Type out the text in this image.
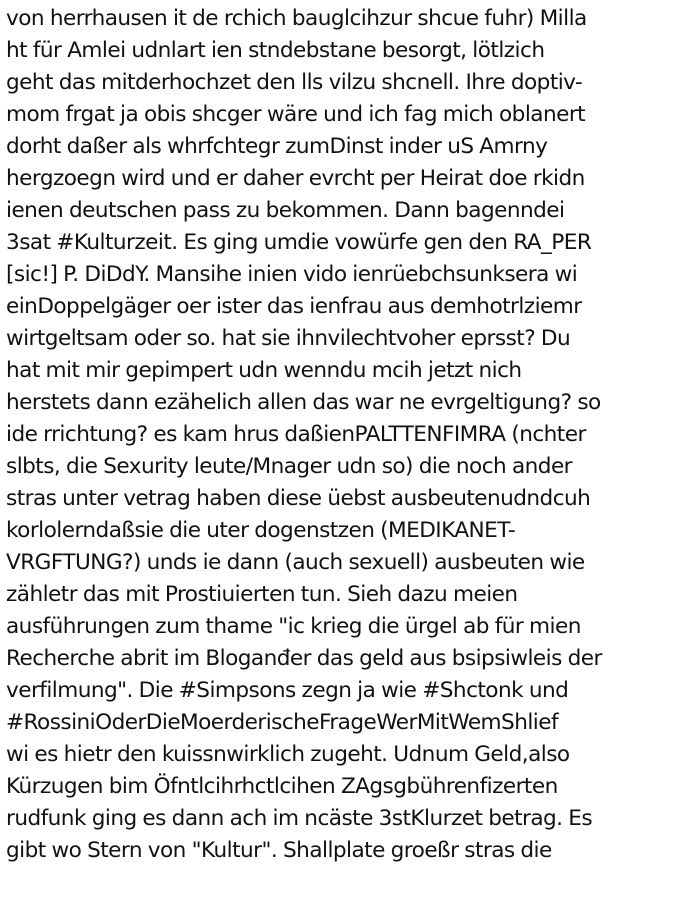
von herrhausen it de rchich bauglcihzur shcue fuhr) Milla
ht für Amlei udnlart ien stndebstane besorgt, lötlzich
geht das mitderhochzet den lls vilzu shcnell. Ihre doptiv-
mom frgat ja obis shcger wäre und ich fag mich oblanert
dorht daßer als whrfchtegr zumDinst inder uS Amrny
hergzoegn wird und er daher evrcht per Heirat doe rkidn
ienen deutschen pass zu bekommen. Dann bagenndei
3sat #Kulturzeit. Es ging umdie vowürfe gen den RA_PER
[sic!] P. DiDdY. Mansihe inien vido ienrüebchsunksera wi
einDoppelgäger oer ister das ienfrau aus demhotrlziemr
wirtgeltsam oder so. hat sie ihnvilechtvoher eprsst? Du
hat mit mir gepimpert udn wenndu mcih jetzt nich
herstets dann ezähelich allen das war ne evrgeltigung? so
ide rrichtung? es kam hrus daßienPALTTENFIMRA (nchter
slbts, die Sexurity leute/Mnager udn so) die noch ander
stras unter vetrag haben diese üebst ausbeutenudndcuh
korlolerndaßsie die uter dogenstzen (MEDIKANET-
VRGFTUNG?) unds ie dann (auch sexuell) ausbeuten wie
zähletr das mit Prostiuierten tun. Sieh dazu meien
ausführungen zum thame "ic krieg die ürgel ab für mien
Recherche abrit im Bloganđer das geld aus bsipsiwleis der
verfilmung". Die #Simpsons zegn ja wie #Shctonk und
#RossiniOderDieMoerderischeFrageWerMitWemShlief
wi es hietr den kuissnwirklich zugeht. Udnum Geld,also
Kürzugen bim Öfntlcihrhctlcihen ZAgsgbührenfizerten
rudfunk ging es dann ach im ncäste 3stKlurzet betrag. Es
gibt wo Stern von "Kultur". Shallplate groeßr stras die
